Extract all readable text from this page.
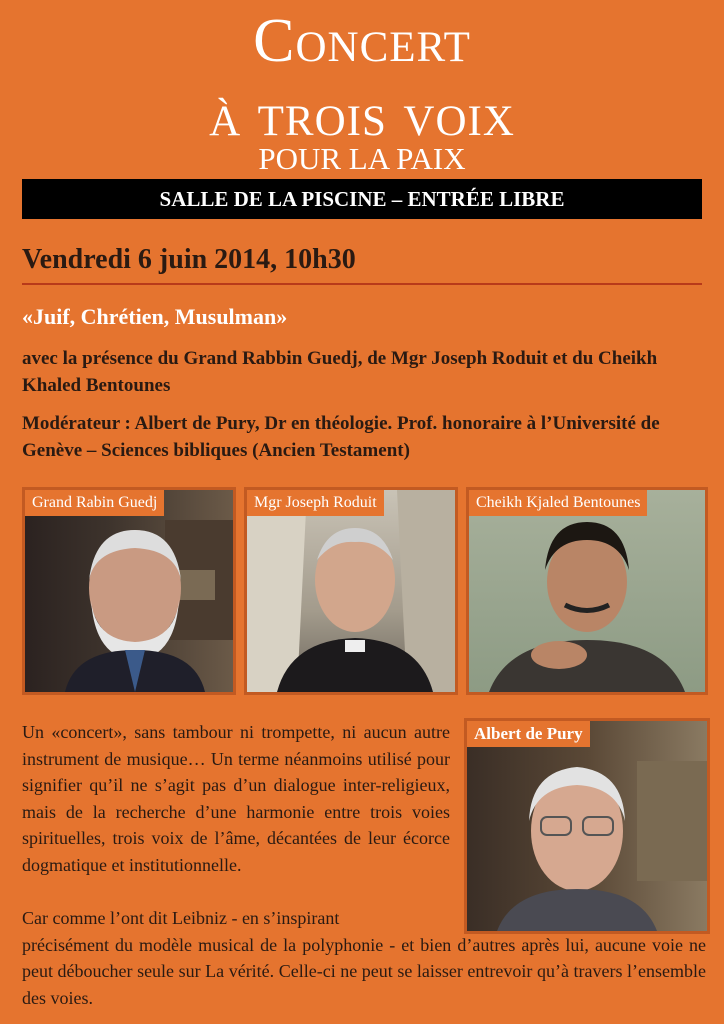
Concert
à trois voix
POUR LA PAIX
SALLE DE LA PISCINE – ENTRÉE LIBRE
Vendredi 6 juin 2014, 10h30
«Juif, Chrétien, Musulman»
avec la présence du Grand Rabbin Guedj, de Mgr Joseph Roduit et du Cheikh Khaled Bentounes
Modérateur : Albert de Pury, Dr en théologie. Prof. honoraire à l’Université de Genève – Sciences bibliques (Ancien Testament)
Grand Rabin Guedj	Mgr Joseph Roduit	Cheikh Kjaled Bentounes
Albert de Pury
Un «concert», sans tambour ni trompette, ni aucun autre instrument de musique… Un terme néanmoins utilisé pour signifier qu’il ne s’agit pas d’un dialogue inter-religieux, mais de la recherche d’une harmonie entre trois voies spirituelles, trois voix de l’âme, décantées de leur écorce dogmatique et institutionnelle.
Car comme l’ont dit Leibniz - en s’inspirant
précisément du modèle musical de la polyphonie - et bien d’autres après lui, aucune voie ne peut déboucher seule sur La vérité. Celle-ci ne peut se laisser entrevoir qu’à travers l’ensemble des voies.
